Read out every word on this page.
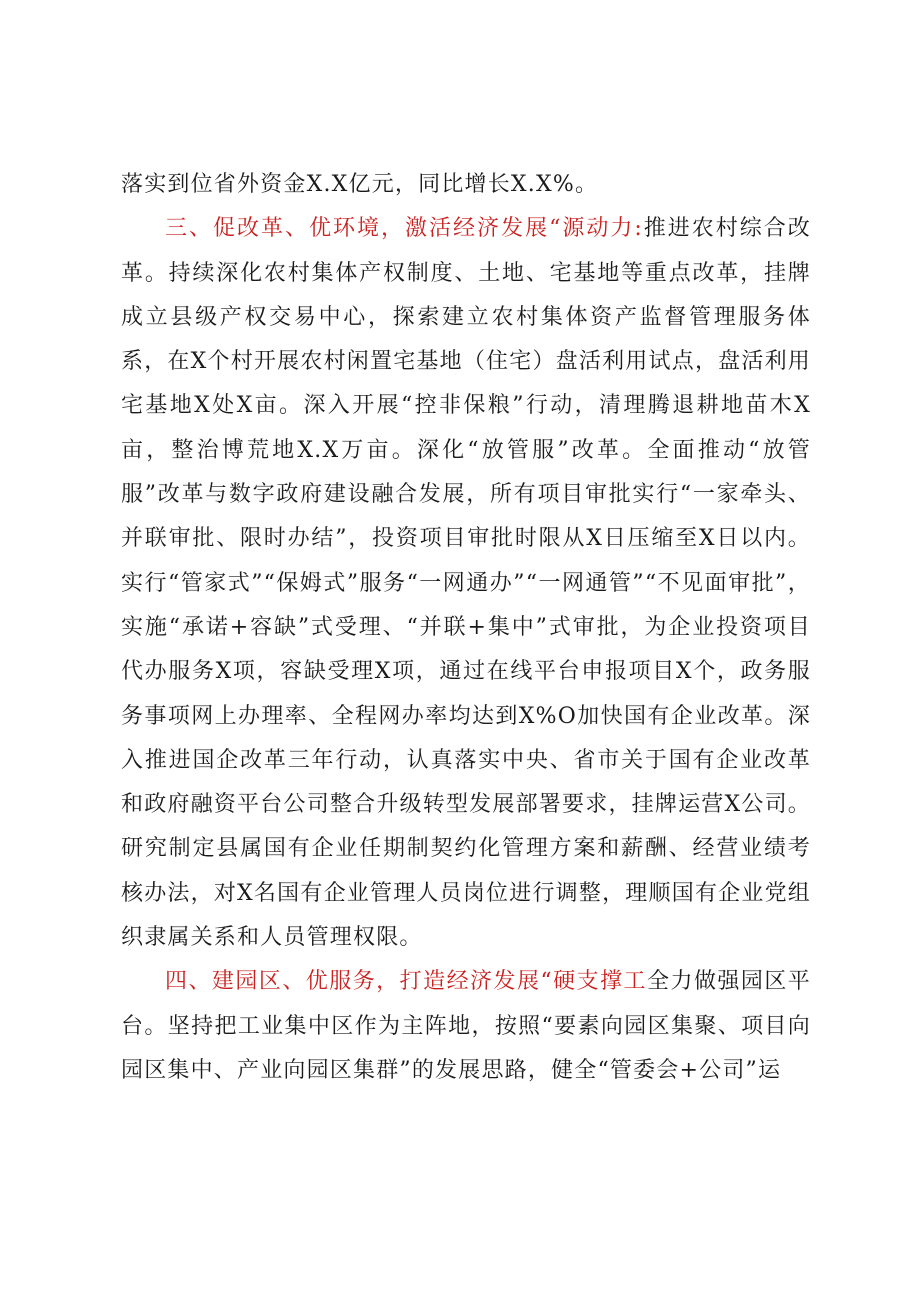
落实到位省外资金X.X亿元，同比增长X.X%。

三、促改革、优环境，激活经济发展“源动力:推进农村综合改革。持续深化农村集体产权制度、土地、宅基地等重点改革，挂牌成立县级产权交易中心，探索建立农村集体资产监督管理服务体系，在X个村开展农村闲置宅基地（住宅）盘活利用试点，盘活利用宅基地X处X亩。深入开展“控非保粮”行动，清理腾退耕地苗木X亩，整治博荒地X.X万亩。深化“放管服”改革。全面推动“放管服”改革与数字政府建设融合发展，所有项目审批实行“一家牵头、并联审批、限时办结”，投资项目审批时限从X日压缩至X日以内。实行“管家式”“保姆式”服务“一网通办”“一网通管”“不见面审批”，实施“承诺+容缺”式受理、“并联+集中”式审批，为企业投资项目代办服务X项，容缺受理X项，通过在线平台申报项目X个，政务服务事项网上办理率、全程网办率均达到X%O加快国有企业改革。深入推进国企改革三年行动，认真落实中央、省市关于国有企业改革和政府融资平台公司整合升级转型发展部署要求，挂牌运营X公司。研究制定县属国有企业任期制契约化管理方案和薪酬、经营业绩考核办法，对X名国有企业管理人员岗位进行调整，理顺国有企业党组织隶属关系和人员管理权限。

四、建园区、优服务，打造经济发展“硬支撑工全力做强园区平台。坚持把工业集中区作为主阵地，按照“要素向园区集聚、项目向园区集中、产业向园区集群”的发展思路，健全“管委会+公司”运
